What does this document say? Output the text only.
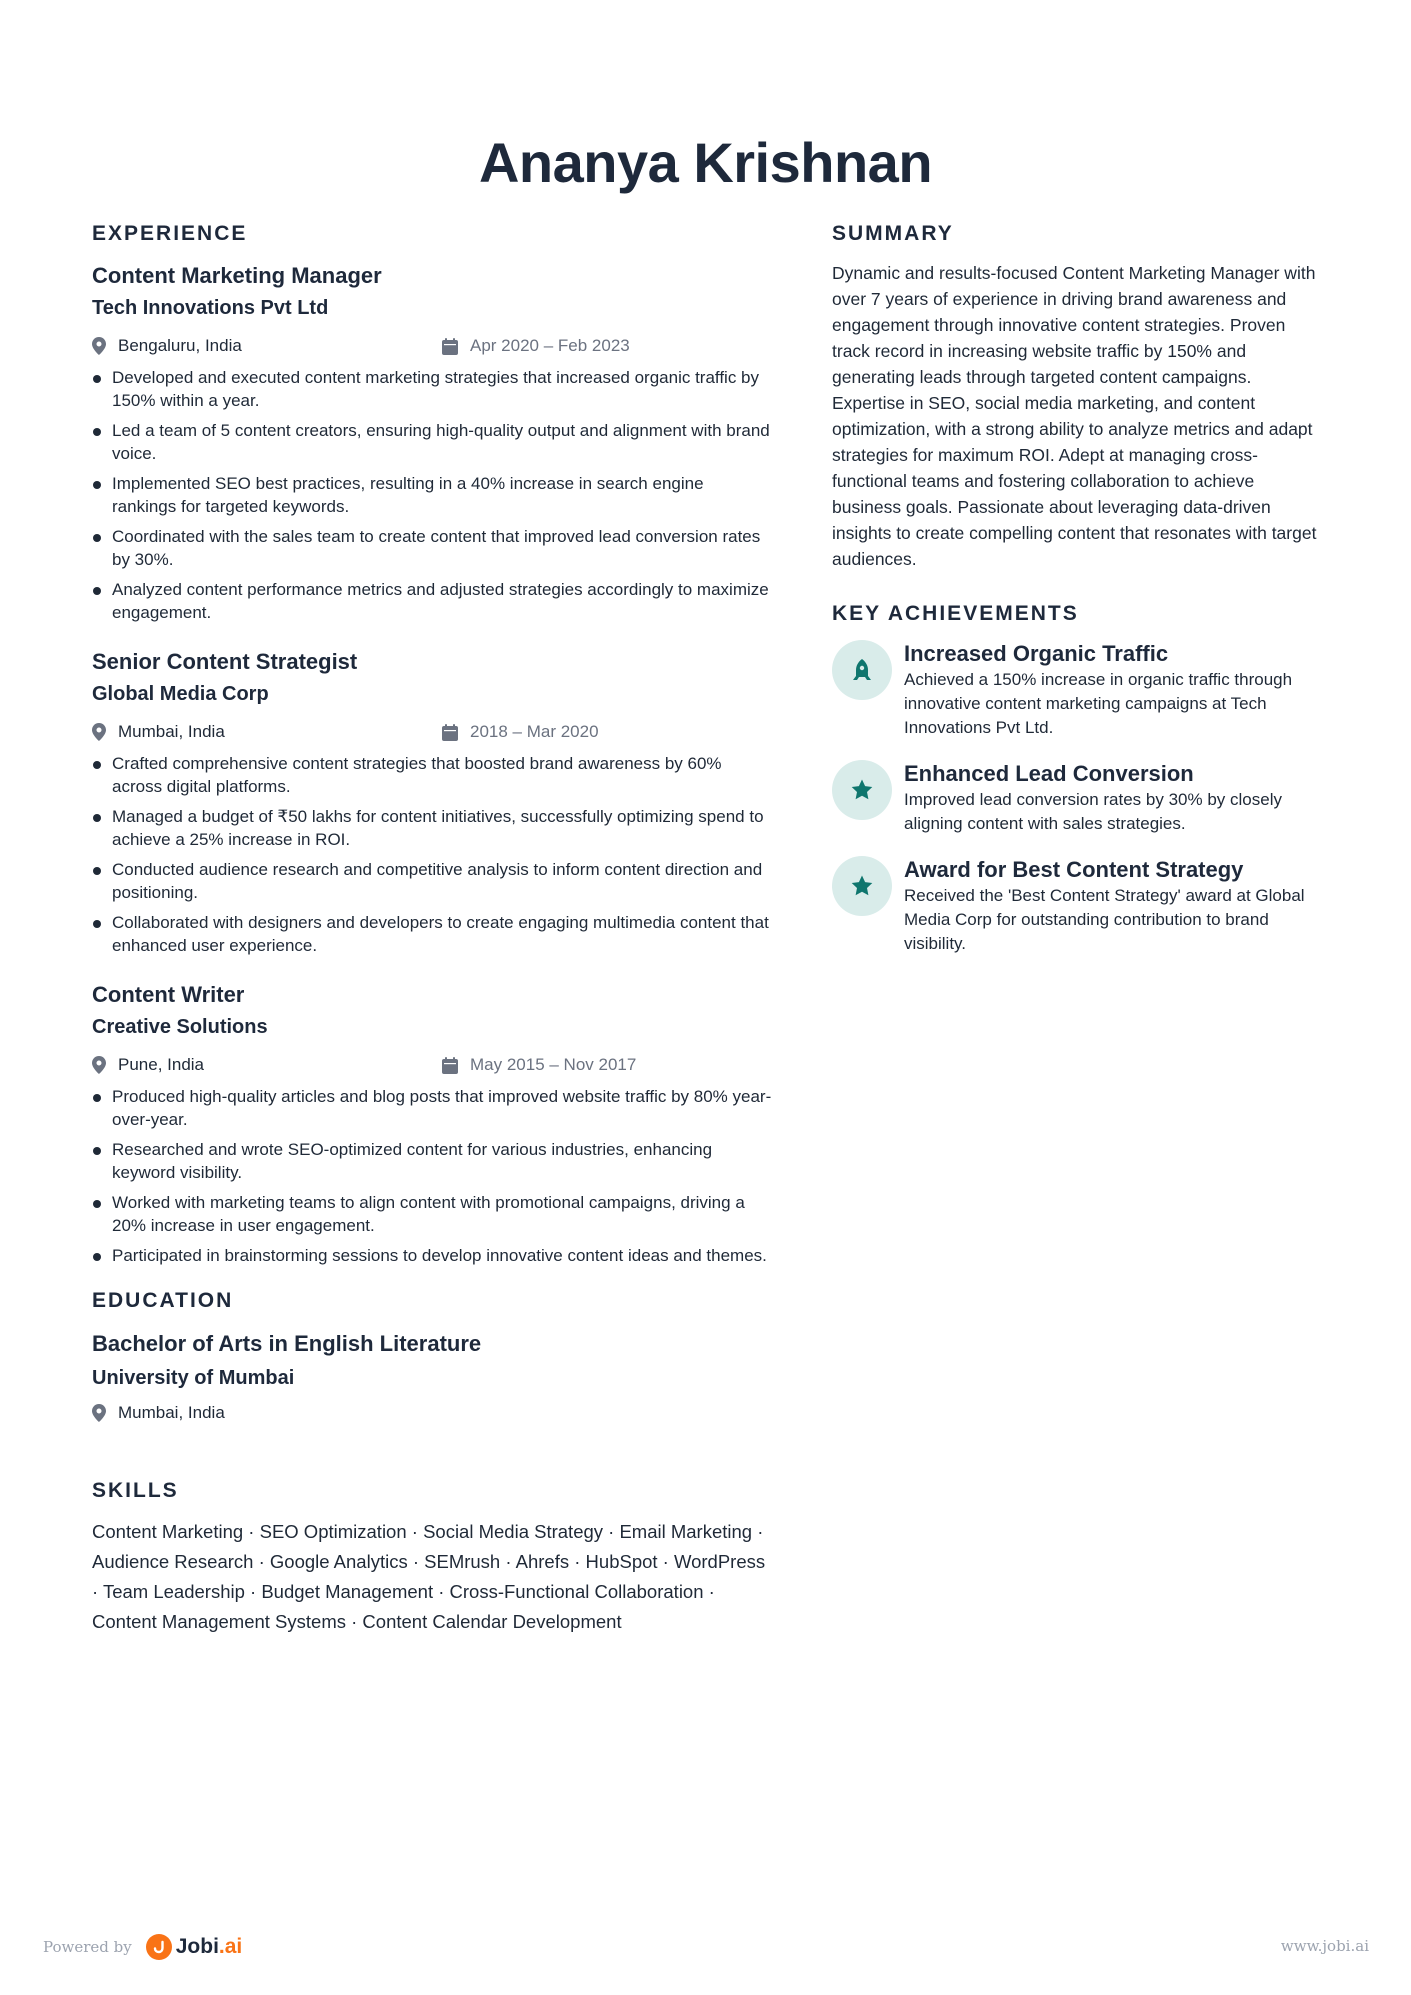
Ananya Krishnan
EXPERIENCE
Content Marketing Manager
Tech Innovations Pvt Ltd
Bengaluru, India	Apr 2020 – Feb 2023
Developed and executed content marketing strategies that increased organic traffic by 150% within a year.
Led a team of 5 content creators, ensuring high-quality output and alignment with brand voice.
Implemented SEO best practices, resulting in a 40% increase in search engine rankings for targeted keywords.
Coordinated with the sales team to create content that improved lead conversion rates by 30%.
Analyzed content performance metrics and adjusted strategies accordingly to maximize engagement.
Senior Content Strategist
Global Media Corp
Mumbai, India	2018 – Mar 2020
Crafted comprehensive content strategies that boosted brand awareness by 60% across digital platforms.
Managed a budget of ₹50 lakhs for content initiatives, successfully optimizing spend to achieve a 25% increase in ROI.
Conducted audience research and competitive analysis to inform content direction and positioning.
Collaborated with designers and developers to create engaging multimedia content that enhanced user experience.
Content Writer
Creative Solutions
Pune, India	May 2015 – Nov 2017
Produced high-quality articles and blog posts that improved website traffic by 80% year-over-year.
Researched and wrote SEO-optimized content for various industries, enhancing keyword visibility.
Worked with marketing teams to align content with promotional campaigns, driving a 20% increase in user engagement.
Participated in brainstorming sessions to develop innovative content ideas and themes.
EDUCATION
Bachelor of Arts in English Literature
University of Mumbai
Mumbai, India
SKILLS
Content Marketing · SEO Optimization · Social Media Strategy · Email Marketing · Audience Research · Google Analytics · SEMrush · Ahrefs · HubSpot · WordPress · Team Leadership · Budget Management · Cross-Functional Collaboration · Content Management Systems · Content Calendar Development
SUMMARY
Dynamic and results-focused Content Marketing Manager with over 7 years of experience in driving brand awareness and engagement through innovative content strategies. Proven track record in increasing website traffic by 150% and generating leads through targeted content campaigns. Expertise in SEO, social media marketing, and content optimization, with a strong ability to analyze metrics and adapt strategies for maximum ROI. Adept at managing cross-functional teams and fostering collaboration to achieve business goals. Passionate about leveraging data-driven insights to create compelling content that resonates with target audiences.
KEY ACHIEVEMENTS
Increased Organic Traffic
Achieved a 150% increase in organic traffic through innovative content marketing campaigns at Tech Innovations Pvt Ltd.
Enhanced Lead Conversion
Improved lead conversion rates by 30% by closely aligning content with sales strategies.
Award for Best Content Strategy
Received the 'Best Content Strategy' award at Global Media Corp for outstanding contribution to brand visibility.
Powered by Jobi.ai	www.jobi.ai
